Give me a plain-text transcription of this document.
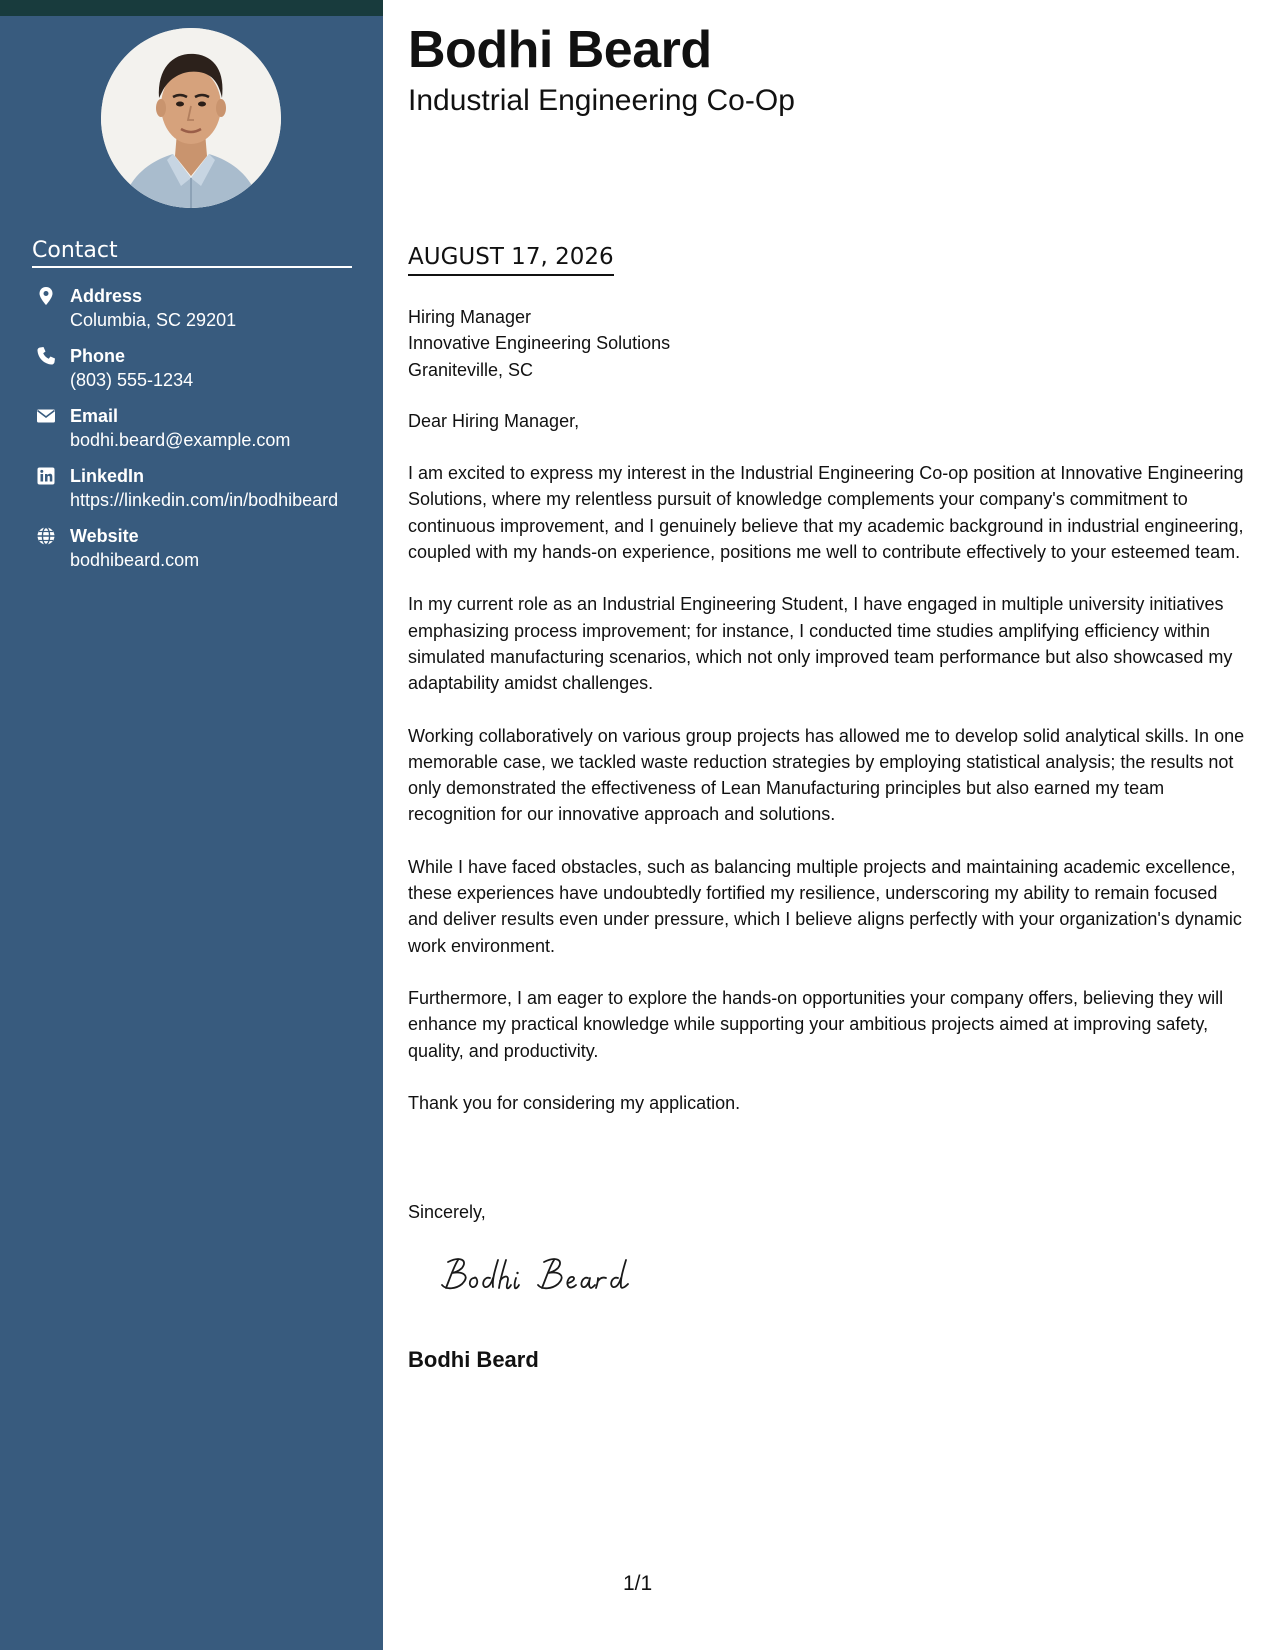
Contact
Address
Columbia, SC 29201
Phone
(803) 555-1234
Email
bodhi.beard@example.com
LinkedIn
https://linkedin.com/in/bodhibeard
Website
bodhibeard.com
Bodhi Beard
Industrial Engineering Co-Op
AUGUST 17, 2026
Hiring Manager
Innovative Engineering Solutions
Graniteville, SC
Dear Hiring Manager,

I am excited to express my interest in the Industrial Engineering Co-op position at Innovative Engineering Solutions, where my relentless pursuit of knowledge complements your company's commitment to continuous improvement, and I genuinely believe that my academic background in industrial engineering, coupled with my hands-on experience, positions me well to contribute effectively to your esteemed team.

In my current role as an Industrial Engineering Student, I have engaged in multiple university initiatives emphasizing process improvement; for instance, I conducted time studies amplifying efficiency within simulated manufacturing scenarios, which not only improved team performance but also showcased my adaptability amidst challenges.

Working collaboratively on various group projects has allowed me to develop solid analytical skills. In one memorable case, we tackled waste reduction strategies by employing statistical analysis; the results not only demonstrated the effectiveness of Lean Manufacturing principles but also earned my team recognition for our innovative approach and solutions.

While I have faced obstacles, such as balancing multiple projects and maintaining academic excellence, these experiences have undoubtedly fortified my resilience, underscoring my ability to remain focused and deliver results even under pressure, which I believe aligns perfectly with your organization's dynamic work environment.

Furthermore, I am eager to explore the hands-on opportunities your company offers, believing they will enhance my practical knowledge while supporting your ambitious projects aimed at improving safety, quality, and productivity.

Thank you for considering my application.

Sincerely,
Bodhi Beard
1/1
